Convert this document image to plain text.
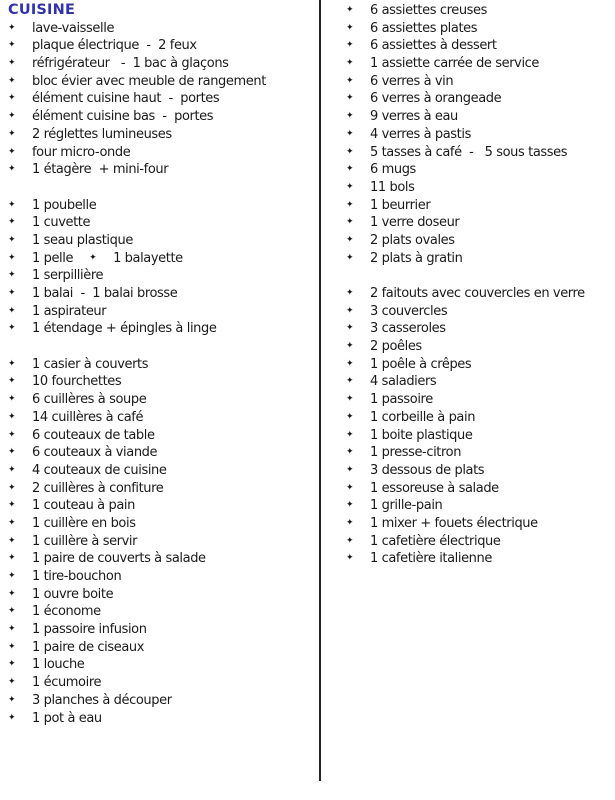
CUISINE
✦	lave-vaisselle
✦	plaque électrique  -  2 feux
✦	réfrigérateur   -  1 bac à glaçons
✦	bloc évier avec meuble de rangement
✦	élément cuisine haut  -  portes
✦	élément cuisine bas  -  portes
✦	2 réglettes lumineuses
✦	four micro-onde
✦	1 étagère  + mini-four
✦	1 poubelle
✦	1 cuvette
✦	1 seau plastique
✦	1 pelle ✦	1 balayette
✦	1 serpillière
✦	1 balai  -  1 balai brosse
✦	1 aspirateur
✦	1 étendage + épingles à linge
✦	1 casier à couverts
✦	10 fourchettes
✦	6 cuillères à soupe
✦	14 cuillères à café
✦	6 couteaux de table
✦	6 couteaux à viande
✦	4 couteaux de cuisine
✦	2 cuillères à confiture
✦	1 couteau à pain
✦	1 cuillère en bois
✦	1 cuillère à servir
✦	1 paire de couverts à salade
✦	1 tire-bouchon
✦	1 ouvre boite
✦	1 économe
✦	1 passoire infusion
✦	1 paire de ciseaux
✦	1 louche
✦	1 écumoire
✦	3 planches à découper
✦	1 pot à eau
✦	6 assiettes creuses
✦	6 assiettes plates
✦	6 assiettes à dessert
✦	1 assiette carrée de service
✦	6 verres à vin
✦	6 verres à orangeade
✦	9 verres à eau
✦	4 verres à pastis
✦	5 tasses à café  -   5 sous tasses
✦	6 mugs
✦	11 bols
✦	1 beurrier
✦	1 verre doseur
✦	2 plats ovales
✦	2 plats à gratin
✦	2 faitouts avec couvercles en verre
✦	3 couvercles
✦	3 casseroles
✦	2 poêles
✦	1 poêle à crêpes
✦	4 saladiers
✦	1 passoire
✦	1 corbeille à pain
✦	1 boite plastique
✦	1 presse-citron
✦	3 dessous de plats
✦	1 essoreuse à salade
✦	1 grille-pain
✦	1 mixer + fouets électrique
✦	1 cafetière électrique
✦	1 cafetière italienne
